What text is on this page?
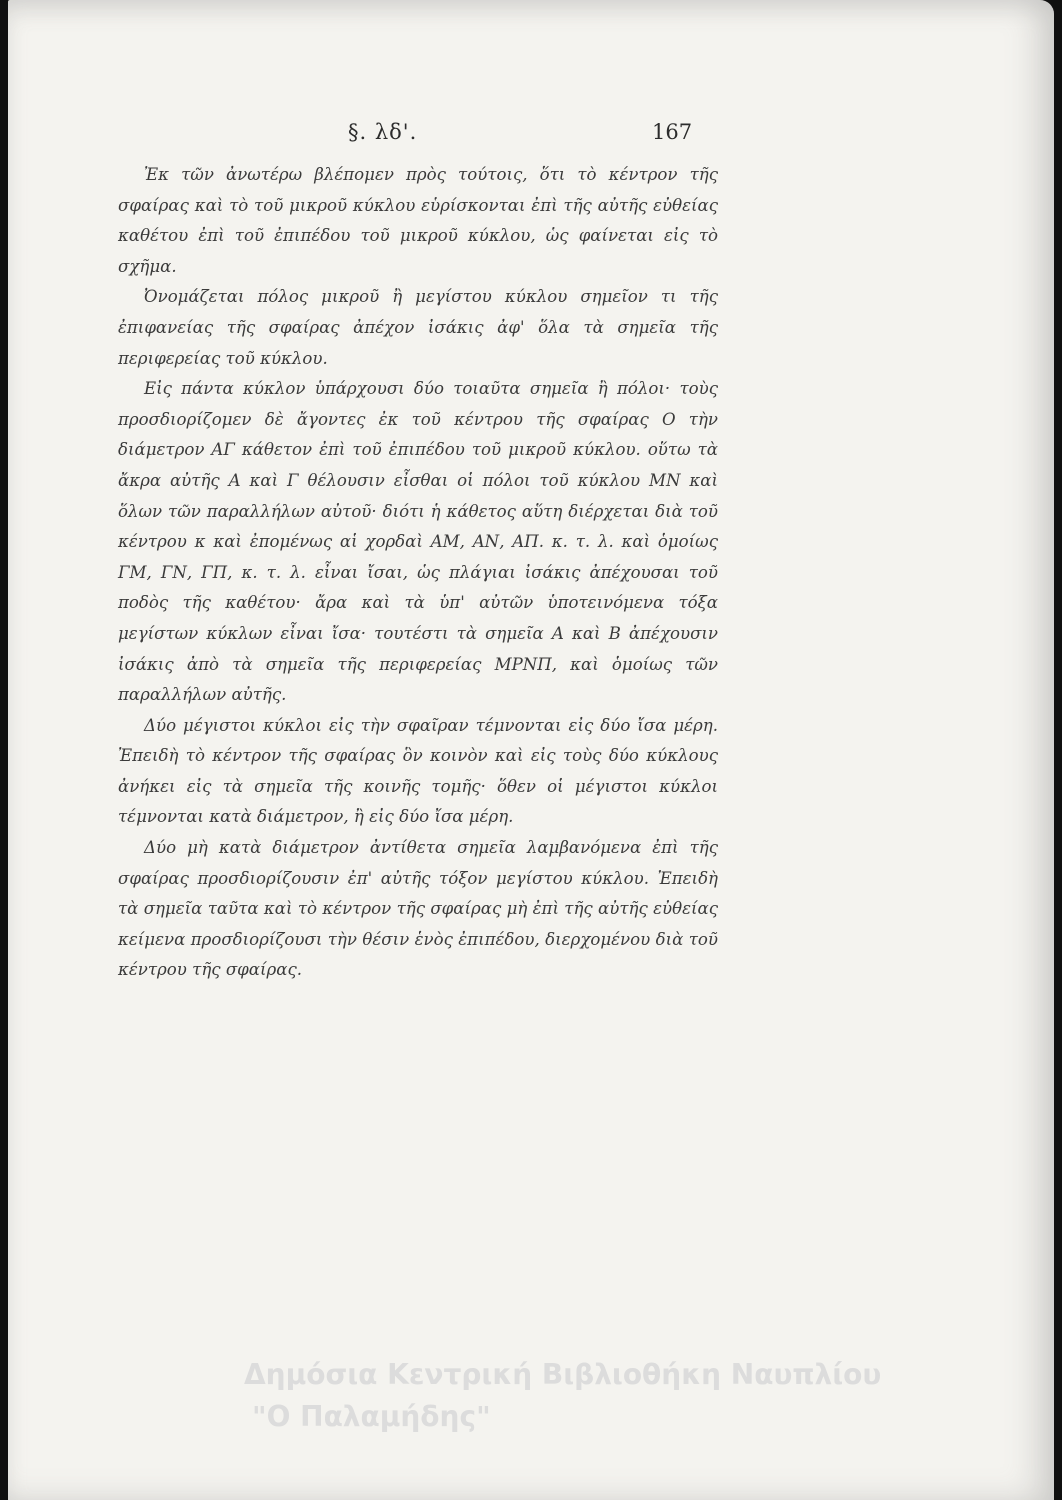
§. λδ'.	167

Ἐκ τῶν ἀνωτέρω βλέπομεν πρὸς τούτοις, ὅτι τὸ κέντρον τῆς σφαίρας καὶ τὸ τοῦ μικροῦ κύκλου εὑρίσκονται ἐπὶ τῆς αὐτῆς εὐθείας καθέτου ἐπὶ τοῦ ἐπιπέδου τοῦ μικροῦ κύκλου, ὡς φαίνεται εἰς τὸ σχῆμα.

Ὀνομάζεται πόλος μικροῦ ἢ μεγίστου κύκλου σημεῖον τι τῆς ἐπιφανείας τῆς σφαίρας ἀπέχον ἰσάκις ἀφ' ὅλα τὰ σημεῖα τῆς περιφερείας τοῦ κύκλου.

Εἰς πάντα κύκλον ὑπάρχουσι δύο τοιαῦτα σημεῖα ἢ πόλοι· τοὺς προσδιορίζομεν δὲ ἄγοντες ἐκ τοῦ κέντρου τῆς σφαίρας Ο τὴν διάμετρον ΑΓ κάθετον ἐπὶ τοῦ ἐπιπέδου τοῦ μικροῦ κύκλου. οὕτω τὰ ἄκρα αὐτῆς Α καὶ Γ θέλουσιν εἶσθαι οἱ πόλοι τοῦ κύκλου ΜΝ καὶ ὅλων τῶν παραλλήλων αὐτοῦ· διότι ἡ κάθετος αὕτη διέρχεται διὰ τοῦ κέντρου κ καὶ ἐπομένως αἱ χορδαὶ ΑΜ, ΑΝ, ΑΠ. κ. τ. λ. καὶ ὁμοίως ΓΜ, ΓΝ, ΓΠ, κ. τ. λ. εἶναι ἴσαι, ὡς πλάγιαι ἰσάκις ἀπέχουσαι τοῦ ποδὸς τῆς καθέτου· ἄρα καὶ τὰ ὑπ' αὐτῶν ὑποτεινόμενα τόξα μεγίστων κύκλων εἶναι ἴσα· τουτέστι τὰ σημεῖα Α καὶ Β ἀπέχουσιν ἰσάκις ἀπὸ τὰ σημεῖα τῆς περιφερείας ΜΡΝΠ, καὶ ὁμοίως τῶν παραλλήλων αὐτῆς.

Δύο μέγιστοι κύκλοι εἰς τὴν σφαῖραν τέμνονται εἰς δύο ἴσα μέρη. Ἐπειδὴ τὸ κέντρον τῆς σφαίρας ὃν κοινὸν καὶ εἰς τοὺς δύο κύκλους ἀνήκει εἰς τὰ σημεῖα τῆς κοινῆς τομῆς· ὅθεν οἱ μέγιστοι κύκλοι τέμνονται κατὰ διάμετρον, ἢ εἰς δύο ἴσα μέρη.

Δύο μὴ κατὰ διάμετρον ἀντίθετα σημεῖα λαμβανόμενα ἐπὶ τῆς σφαίρας προσδιορίζουσιν ἐπ' αὐτῆς τόξον μεγίστου κύκλου. Ἐπειδὴ τὰ σημεῖα ταῦτα καὶ τὸ κέντρον τῆς σφαίρας μὴ ἐπὶ τῆς αὐτῆς εὐθείας κείμενα προσδιορίζουσι τὴν θέσιν ἑνὸς ἐπιπέδου, διερχομένου διὰ τοῦ κέντρου τῆς σφαίρας.

Δημόσια Κεντρική Βιβλιοθήκη Ναυπλίου
"Ο Παλαμήδης"
